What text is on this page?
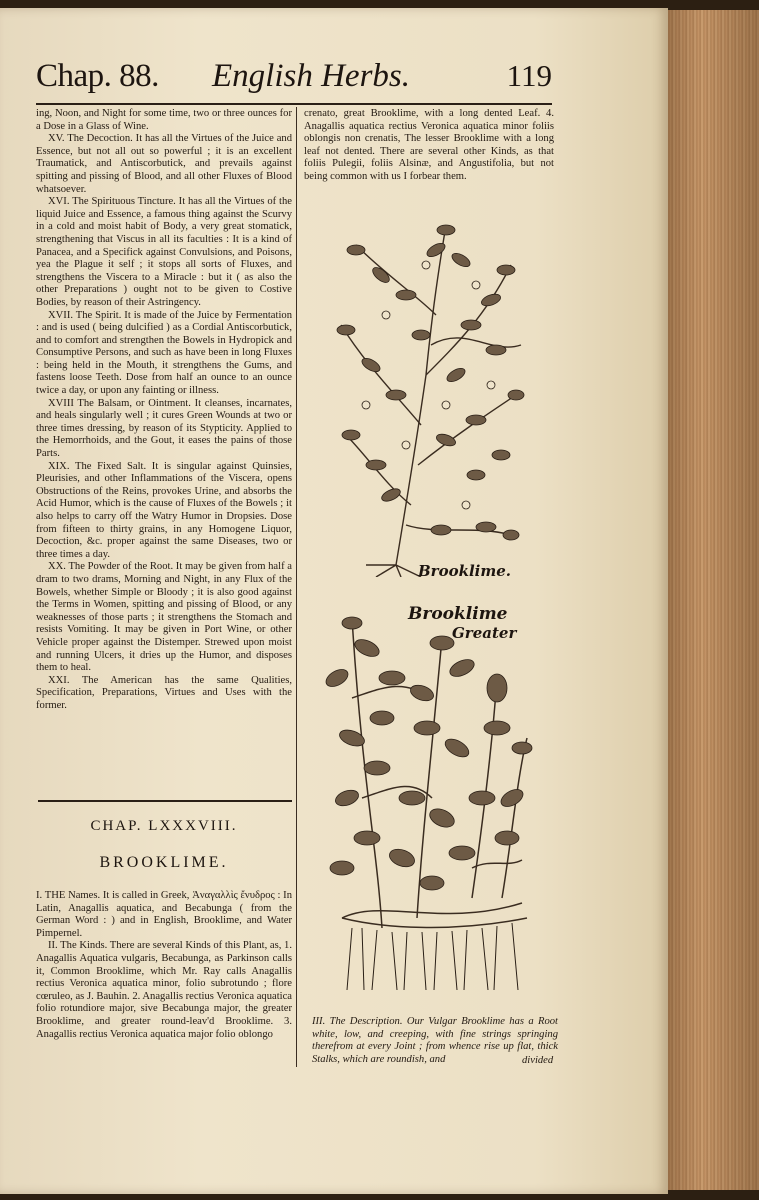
Chap. 88. English Herbs.	119

ing, Noon, and Night for some time, two or three ounces for a Dose in a Glass of Wine.

XV. The Decoction. It has all the Virtues of the Juice and Essence, but not all out so powerful ; it is an excellent Traumatick, and Antiscorbutick, and prevails against spitting and pissing of Blood, and all other Fluxes of Blood whatsoever.

XVI. The Spirituous Tincture. It has all the Virtues of the liquid Juice and Essence, a famous thing against the Scurvy in a cold and moist habit of Body, a very great stomatick, strengthening that Viscus in all its faculties : It is a kind of Panacea, and a Specifick against Convulsions, and Poisons, yea the Plague it self ; it stops all sorts of Fluxes, and strengthens the Viscera to a Miracle : but it ( as also the other Preparations ) ought not to be given to Costive Bodies, by reason of their Astringency.

XVII. The Spirit. It is made of the Juice by Fermentation : and is used ( being dulcified ) as a Cordial Antiscorbutick, and to comfort and strengthen the Bowels in Hydropick and Consumptive Persons, and such as have been in long Fluxes : being held in the Mouth, it strengthens the Gums, and fastens loose Teeth. Dose from half an ounce to an ounce twice a day, or upon any fainting or illness.

XVIII The Balsam, or Ointment. It cleanses, incarnates, and heals singularly well ; it cures Green Wounds at two or three times dressing, by reason of its Stypticity. Applied to the Hemorrhoids, and the Gout, it eases the pains of those Parts.

XIX. The Fixed Salt. It is singular against Quinsies, Pleurisies, and other Inflammations of the Viscera, opens Obstructions of the Reins, provokes Urine, and absorbs the Acid Humor, which is the cause of Fluxes of the Bowels ; it also helps to carry off the Watry Humor in Dropsies. Dose from fifteen to thirty grains, in any Homogene Liquor, Decoction, &c. proper against the same Diseases, two or three times a day.

XX. The Powder of the Root. It may be given from half a dram to two drams, Morning and Night, in any Flux of the Bowels, whether Simple or Bloody ; it is also good against the Terms in Women, spitting and pissing of Blood, or any weaknesses of those parts ; it strengthens the Stomach and resists Vomiting. It may be given in Port Wine, or other Vehicle proper against the Distemper. Strewed upon moist and running Ulcers, it dries up the Humor, and disposes them to heal.

XXI. The American has the same Qualities, Specification, Preparations, Virtues and Uses with the former.

CHAP. LXXXVIII.
BROOKLIME.

I. THE Names. It is called in Greek, Ἀναγαλλὶς ἔνυδρος : In Latin, Anagallis aquatica, and Becabunga ( from the German Word : ) and in English, Brooklime, and Water Pimpernel.

II. The Kinds. There are several Kinds of this Plant, as, 1. Anagallis Aquatica vulgaris, Becabunga, as Parkinson calls it, Common Brooklime, which Mr. Ray calls Anagallis rectius Veronica aquatica minor, folio subrotundo ; flore cœruleo, as J. Bauhin. 2. Anagallis rectius Veronica aquatica folio rotundiore major, sive Becabunga major, the greater Brooklime, and greater round-leav'd Brooklime. 3. Anagallis rectius Veronica aquatica major folio oblongo

crenato, great Brooklime, with a long dented Leaf. 4. Anagallis aquatica rectius Veronica aquatica minor foliis oblongis non crenatis, The lesser Brooklime with a long leaf not dented. There are several other Kinds, as that foliis Pulegii, foliis Alsinæ, and Angustifolia, but not being common with us I forbear them.

Brooklime.
Brooklime
Greater

III. The Description. Our Vulgar Brooklime has a Root white, low, and creeping, with fine strings springing therefrom at every Joint ; from whence rise up flat, thick Stalks, which are roundish, and	divided
